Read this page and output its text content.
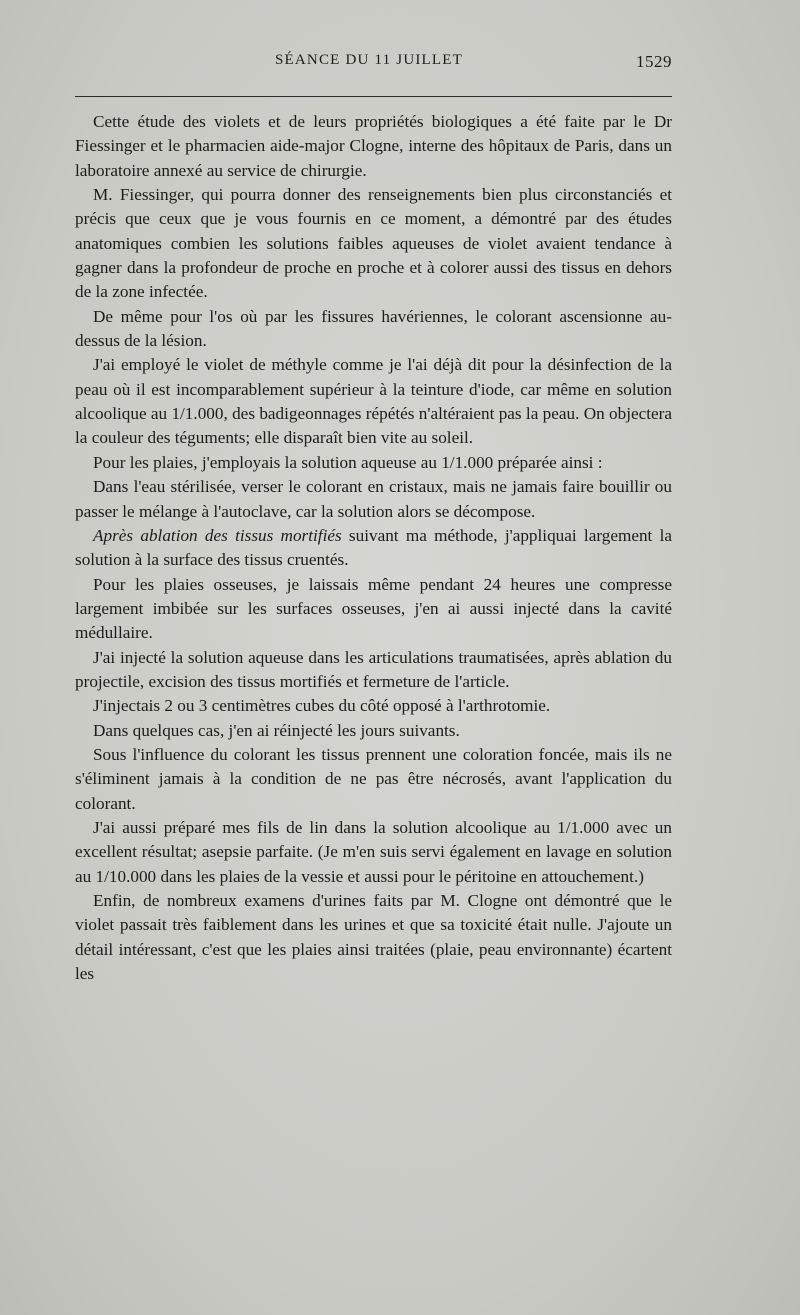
SÉANCE DU 11 JUILLET	1529

Cette étude des violets et de leurs propriétés biologiques a été faite par le Dr Fiessinger et le pharmacien aide-major Clogne, interne des hôpitaux de Paris, dans un laboratoire annexé au service de chirurgie.

M. Fiessinger, qui pourra donner des renseignements bien plus circonstanciés et précis que ceux que je vous fournis en ce moment, a démontré par des études anatomiques combien les solutions faibles aqueuses de violet avaient tendance à gagner dans la profondeur de proche en proche et à colorer aussi des tissus en dehors de la zone infectée.

De même pour l'os où par les fissures havériennes, le colorant ascensionne au-dessus de la lésion.

J'ai employé le violet de méthyle comme je l'ai déjà dit pour la désinfection de la peau où il est incomparablement supérieur à la teinture d'iode, car même en solution alcoolique au 1/1.000, des badigeonnages répétés n'altéraient pas la peau. On objectera la couleur des téguments; elle disparaît bien vite au soleil.

Pour les plaies, j'employais la solution aqueuse au 1/1.000 préparée ainsi :

Dans l'eau stérilisée, verser le colorant en cristaux, mais ne jamais faire bouillir ou passer le mélange à l'autoclave, car la solution alors se décompose.

Après ablation des tissus mortifiés suivant ma méthode, j'appliquai largement la solution à la surface des tissus cruentés.

Pour les plaies osseuses, je laissais même pendant 24 heures une compresse largement imbibée sur les surfaces osseuses, j'en ai aussi injecté dans la cavité médullaire.

J'ai injecté la solution aqueuse dans les articulations traumatisées, après ablation du projectile, excision des tissus mortifiés et fermeture de l'article.

J'injectais 2 ou 3 centimètres cubes du côté opposé à l'arthrotomie.

Dans quelques cas, j'en ai réinjecté les jours suivants.

Sous l'influence du colorant les tissus prennent une coloration foncée, mais ils ne s'éliminent jamais à la condition de ne pas être nécrosés, avant l'application du colorant.

J'ai aussi préparé mes fils de lin dans la solution alcoolique au 1/1.000 avec un excellent résultat; asepsie parfaite. (Je m'en suis servi également en lavage en solution au 1/10.000 dans les plaies de la vessie et aussi pour le péritoine en attouchement.)

Enfin, de nombreux examens d'urines faits par M. Clogne ont démontré que le violet passait très faiblement dans les urines et que sa toxicité était nulle. J'ajoute un détail intéressant, c'est que les plaies ainsi traitées (plaie, peau environnante) écartent les
